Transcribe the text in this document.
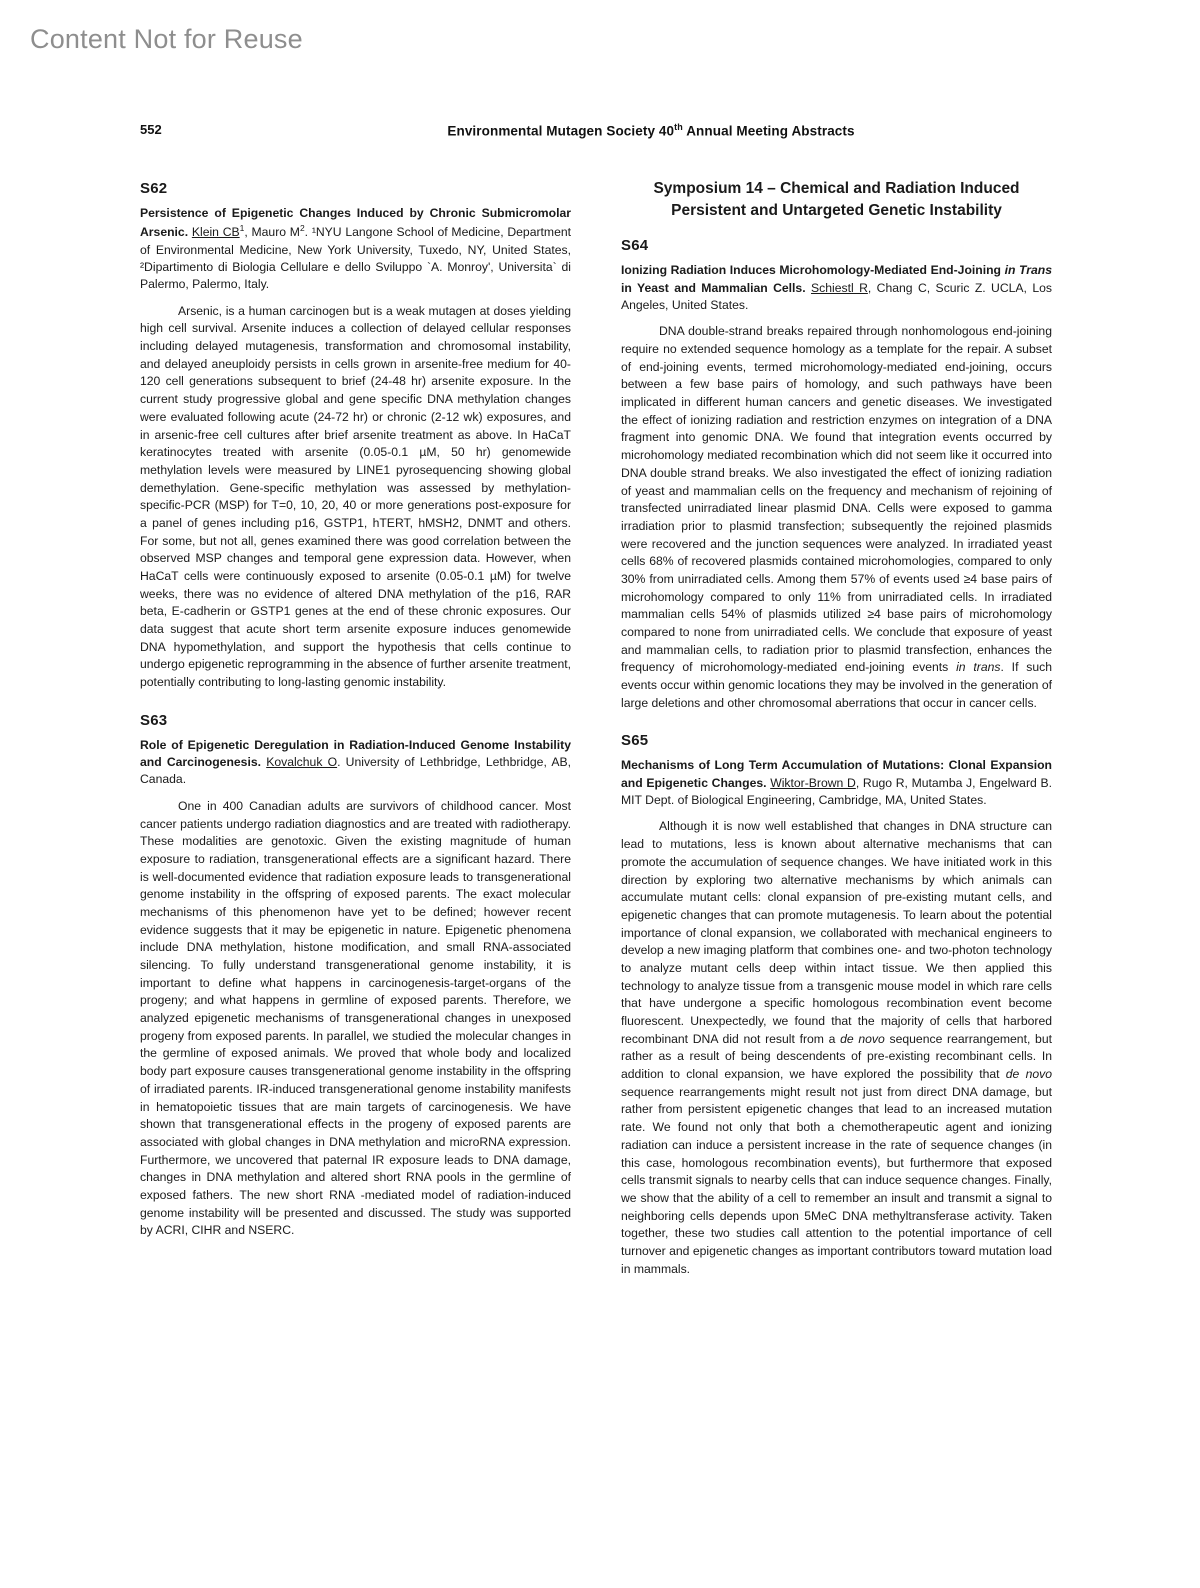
Content Not for Reuse
552	Environmental Mutagen Society 40th Annual Meeting Abstracts
S62
Persistence of Epigenetic Changes Induced by Chronic Submicromolar Arsenic. Klein $CB^1$, Mauro $M^2$. ¹NYU Langone School of Medicine, Department of Environmental Medicine, New York University, Tuxedo, NY, United States, ²Dipartimento di Biologia Cellulare e dello Sviluppo `A. Monroy', Universita` di Palermo, Palermo, Italy.
Arsenic, is a human carcinogen but is a weak mutagen at doses yielding high cell survival. Arsenite induces a collection of delayed cellular responses including delayed mutagenesis, transformation and chromosomal instability, and delayed aneuploidy persists in cells grown in arsenite-free medium for 40-120 cell generations subsequent to brief (24-48 hr) arsenite exposure. In the current study progressive global and gene specific DNA methylation changes were evaluated following acute (24-72 hr) or chronic (2-12 wk) exposures, and in arsenic-free cell cultures after brief arsenite treatment as above. In HaCaT keratinocytes treated with arsenite (0.05-0.1 µM, 50 hr) genomewide methylation levels were measured by LINE1 pyrosequencing showing global demethylation. Gene-specific methylation was assessed by methylation-specific-PCR (MSP) for T=0, 10, 20, 40 or more generations post-exposure for a panel of genes including p16, GSTP1, hTERT, hMSH2, DNMT and others. For some, but not all, genes examined there was good correlation between the observed MSP changes and temporal gene expression data. However, when HaCaT cells were continuously exposed to arsenite (0.05-0.1 µM) for twelve weeks, there was no evidence of altered DNA methylation of the p16, RAR beta, E-cadherin or GSTP1 genes at the end of these chronic exposures. Our data suggest that acute short term arsenite exposure induces genomewide DNA hypomethylation, and support the hypothesis that cells continue to undergo epigenetic reprogramming in the absence of further arsenite treatment, potentially contributing to long-lasting genomic instability.
S63
Role of Epigenetic Deregulation in Radiation-Induced Genome Instability and Carcinogenesis. Kovalchuk O. University of Lethbridge, Lethbridge, AB, Canada.
One in 400 Canadian adults are survivors of childhood cancer. Most cancer patients undergo radiation diagnostics and are treated with radiotherapy. These modalities are genotoxic. Given the existing magnitude of human exposure to radiation, transgenerational effects are a significant hazard. There is well-documented evidence that radiation exposure leads to transgenerational genome instability in the offspring of exposed parents. The exact molecular mechanisms of this phenomenon have yet to be defined; however recent evidence suggests that it may be epigenetic in nature. Epigenetic phenomena include DNA methylation, histone modification, and small RNA-associated silencing. To fully understand transgenerational genome instability, it is important to define what happens in carcinogenesis-target-organs of the progeny; and what happens in germline of exposed parents. Therefore, we analyzed epigenetic mechanisms of transgenerational changes in unexposed progeny from exposed parents. In parallel, we studied the molecular changes in the germline of exposed animals. We proved that whole body and localized body part exposure causes transgenerational genome instability in the offspring of irradiated parents. IR-induced transgenerational genome instability manifests in hematopoietic tissues that are main targets of carcinogenesis. We have shown that transgenerational effects in the progeny of exposed parents are associated with global changes in DNA methylation and microRNA expression. Furthermore, we uncovered that paternal IR exposure leads to DNA damage, changes in DNA methylation and altered short RNA pools in the germline of exposed fathers. The new short RNA -mediated model of radiation-induced genome instability will be presented and discussed. The study was supported by ACRI, CIHR and NSERC.
Symposium 14 – Chemical and Radiation Induced Persistent and Untargeted Genetic Instability
S64
Ionizing Radiation Induces Microhomology-Mediated End-Joining in Trans in Yeast and Mammalian Cells. Schiestl R, Chang C, Scuric Z. UCLA, Los Angeles, United States.
DNA double-strand breaks repaired through nonhomologous end-joining require no extended sequence homology as a template for the repair. A subset of end-joining events, termed microhomology-mediated end-joining, occurs between a few base pairs of homology, and such pathways have been implicated in different human cancers and genetic diseases. We investigated the effect of ionizing radiation and restriction enzymes on integration of a DNA fragment into genomic DNA. We found that integration events occurred by microhomology mediated recombination which did not seem like it occurred into DNA double strand breaks. We also investigated the effect of ionizing radiation of yeast and mammalian cells on the frequency and mechanism of rejoining of transfected unirradiated linear plasmid DNA. Cells were exposed to gamma irradiation prior to plasmid transfection; subsequently the rejoined plasmids were recovered and the junction sequences were analyzed. In irradiated yeast cells 68% of recovered plasmids contained microhomologies, compared to only 30% from unirradiated cells. Among them 57% of events used ≥4 base pairs of microhomology compared to only 11% from unirradiated cells. In irradiated mammalian cells 54% of plasmids utilized ≥4 base pairs of microhomology compared to none from unirradiated cells. We conclude that exposure of yeast and mammalian cells, to radiation prior to plasmid transfection, enhances the frequency of microhomology-mediated end-joining events in trans. If such events occur within genomic locations they may be involved in the generation of large deletions and other chromosomal aberrations that occur in cancer cells.
S65
Mechanisms of Long Term Accumulation of Mutations: Clonal Expansion and Epigenetic Changes. Wiktor-Brown D, Rugo R, Mutamba J, Engelward B. MIT Dept. of Biological Engineering, Cambridge, MA, United States.
Although it is now well established that changes in DNA structure can lead to mutations, less is known about alternative mechanisms that can promote the accumulation of sequence changes. We have initiated work in this direction by exploring two alternative mechanisms by which animals can accumulate mutant cells: clonal expansion of pre-existing mutant cells, and epigenetic changes that can promote mutagenesis. To learn about the potential importance of clonal expansion, we collaborated with mechanical engineers to develop a new imaging platform that combines one- and two-photon technology to analyze mutant cells deep within intact tissue. We then applied this technology to analyze tissue from a transgenic mouse model in which rare cells that have undergone a specific homologous recombination event become fluorescent. Unexpectedly, we found that the majority of cells that harbored recombinant DNA did not result from a de novo sequence rearrangement, but rather as a result of being descendents of pre-existing recombinant cells. In addition to clonal expansion, we have explored the possibility that de novo sequence rearrangements might result not just from direct DNA damage, but rather from persistent epigenetic changes that lead to an increased mutation rate. We found not only that both a chemotherapeutic agent and ionizing radiation can induce a persistent increase in the rate of sequence changes (in this case, homologous recombination events), but furthermore that exposed cells transmit signals to nearby cells that can induce sequence changes. Finally, we show that the ability of a cell to remember an insult and transmit a signal to neighboring cells depends upon 5MeC DNA methyltransferase activity. Taken together, these two studies call attention to the potential importance of cell turnover and epigenetic changes as important contributors toward mutation load in mammals.
